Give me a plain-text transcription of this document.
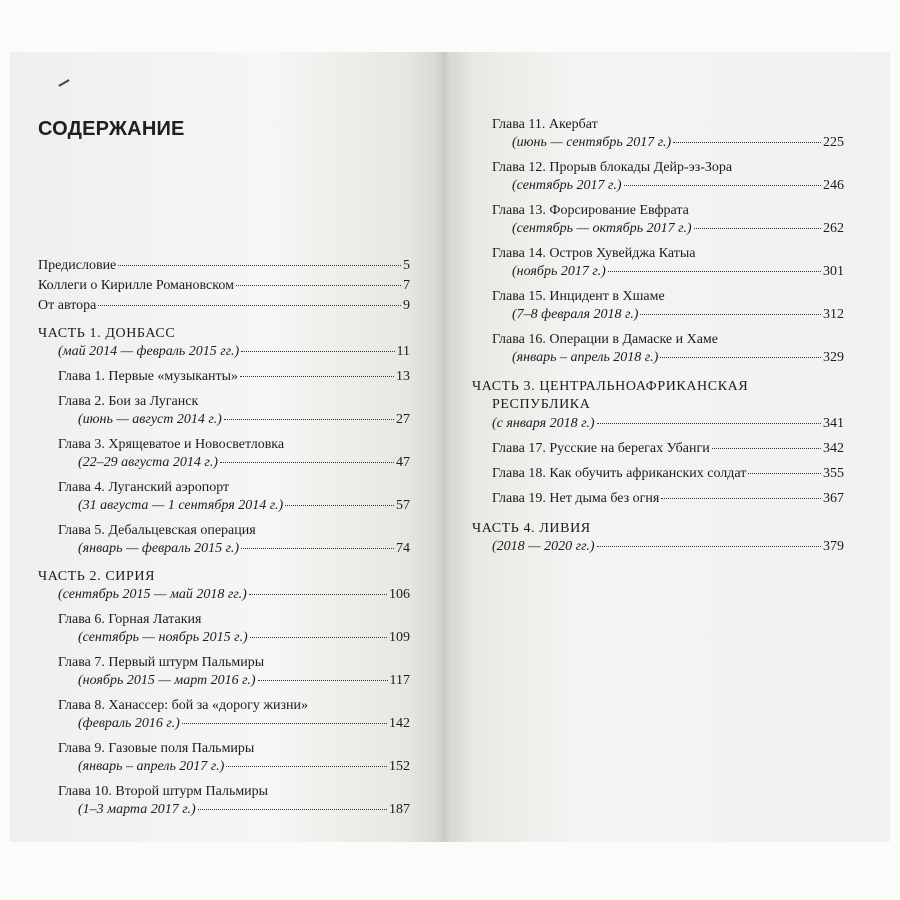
СОДЕРЖАНИЕ
Предисловие	5
Коллеги о Кирилле Романовском	7
От автора	9
ЧАСТЬ 1. ДОНБАСС
(май 2014 — февраль 2015 гг.)	11
Глава 1. Первые «музыканты»	13
Глава 2. Бои за Луганск
(июнь — август 2014 г.)	27
Глава 3. Хрящеватое и Новосветловка
(22–29 августа 2014 г.)	47
Глава 4. Луганский аэропорт
(31 августа — 1 сентября 2014 г.)	57
Глава 5. Дебальцевская операция
(январь — февраль 2015 г.)	74
ЧАСТЬ 2. СИРИЯ
(сентябрь 2015 — май 2018 гг.)	106
Глава 6. Горная Латакия
(сентябрь — ноябрь 2015 г.)	109
Глава 7. Первый штурм Пальмиры
(ноябрь 2015 — март 2016 г.)	117
Глава 8. Ханассер: бой за «дорогу жизни»
(февраль 2016 г.)	142
Глава 9. Газовые поля Пальмиры
(январь – апрель 2017 г.)	152
Глава 10. Второй штурм Пальмиры
(1–3 марта 2017 г.)	187
Глава 11. Акербат
(июнь — сентябрь 2017 г.)	225
Глава 12. Прорыв блокады Дейр-эз-Зора
(сентябрь 2017 г.)	246
Глава 13. Форсирование Евфрата
(сентябрь — октябрь 2017 г.)	262
Глава 14. Остров Хувейджа Катыа
(ноябрь 2017 г.)	301
Глава 15. Инцидент в Хшаме
(7–8 февраля 2018 г.)	312
Глава 16. Операции в Дамаске и Хаме
(январь – апрель 2018 г.)	329
ЧАСТЬ 3. ЦЕНТРАЛЬНОАФРИКАНСКАЯ
РЕСПУБЛИКА
(с января 2018 г.)	341
Глава 17. Русские на берегах Убанги	342
Глава 18. Как обучить африканских солдат	355
Глава 19. Нет дыма без огня	367
ЧАСТЬ 4. ЛИВИЯ
(2018 — 2020 гг.)	379
